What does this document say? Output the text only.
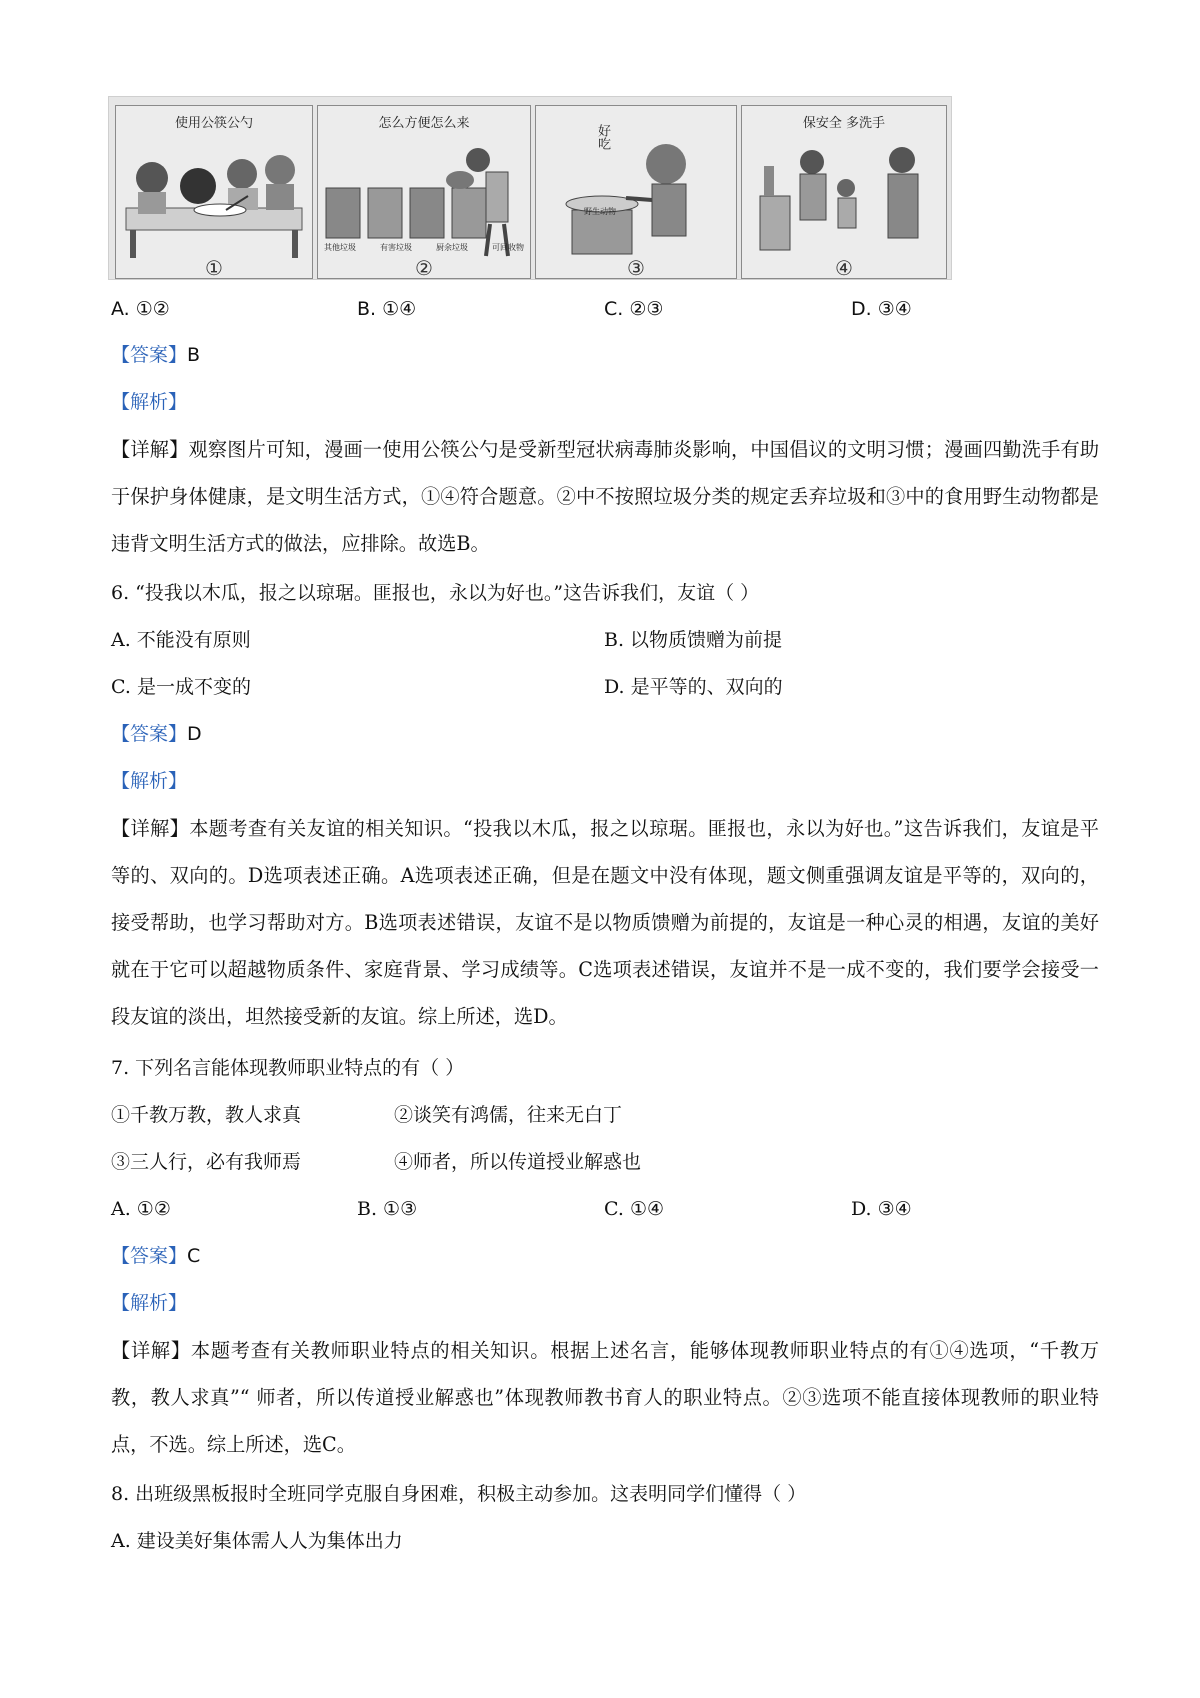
使用公筷公勺
①
怎么方便怎么来
其他垃圾	有害垃圾	厨余垃圾	可回收物
②
好吃
野生动物
③
保安全 多洗手
④
A. ①②	B. ①④	C. ②③	D. ③④
【答案】B
【解析】
【详解】观察图片可知，漫画一使用公筷公勺是受新型冠状病毒肺炎影响，中国倡议的文明习惯；漫画四勤洗手有助于保护身体健康，是文明生活方式，①④符合题意。②中不按照垃圾分类的规定丢弃垃圾和③中的食用野生动物都是违背文明生活方式的做法，应排除。故选B。
6. “投我以木瓜，报之以琼琚。匪报也，永以为好也。”这告诉我们，友谊（ ）
A. 不能没有原则	B. 以物质馈赠为前提
C. 是一成不变的	D. 是平等的、双向的
【答案】D
【解析】
【详解】本题考查有关友谊的相关知识。“投我以木瓜，报之以琼琚。匪报也，永以为好也。”这告诉我们，友谊是平等的、双向的。D选项表述正确。A选项表述正确，但是在题文中没有体现，题文侧重强调友谊是平等的，双向的，接受帮助，也学习帮助对方。B选项表述错误，友谊不是以物质馈赠为前提的，友谊是一种心灵的相遇，友谊的美好就在于它可以超越物质条件、家庭背景、学习成绩等。C选项表述错误，友谊并不是一成不变的，我们要学会接受一段友谊的淡出，坦然接受新的友谊。综上所述，选D。
7. 下列名言能体现教师职业特点的有（ ）
①千教万教，教人求真	②谈笑有鸿儒，往来无白丁
③三人行，必有我师焉	④师者，所以传道授业解惑也
A. ①②	B. ①③	C. ①④	D. ③④
【答案】C
【解析】
【详解】本题考查有关教师职业特点的相关知识。根据上述名言，能够体现教师职业特点的有①④选项，“千教万教，教人求真”“ 师者，所以传道授业解惑也”体现教师教书育人的职业特点。②③选项不能直接体现教师的职业特点，不选。综上所述，选C。
8. 出班级黑板报时全班同学克服自身困难，积极主动参加。这表明同学们懂得（ ）
A. 建设美好集体需人人为集体出力
